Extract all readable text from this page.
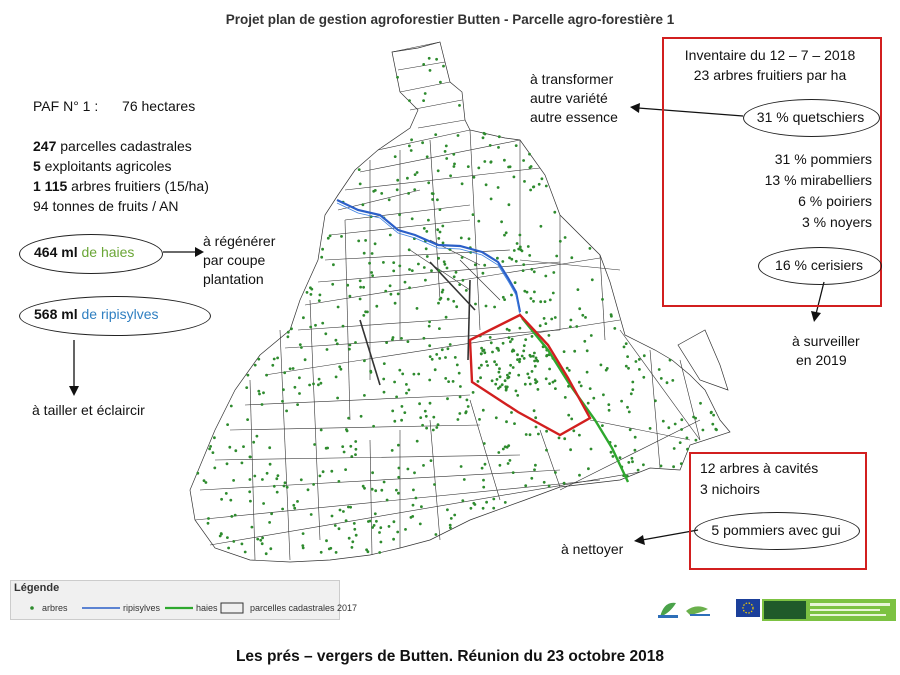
Projet plan de gestion agroforestier Butten - Parcelle agro-forestière 1
PAF N° 1 : 76 hectares
247 parcelles cadastrales
5 exploitants agricoles
1 115 arbres fruitiers (15/ha)
94 tonnes de fruits / AN
464 ml de haies
à régénérer
par coupe
plantation
568 ml de ripisylves
à tailler et éclaircir
à transformer
autre variété
autre essence
Inventaire du 12 – 7 – 2018
23 arbres fruitiers par ha
31 % quetschiers
31 % pommiers
13 % mirabelliers
6 % poiriers
3 % noyers
16 % cerisiers
à surveiller
en 2019
12 arbres à cavités
3 nichoirs
5 pommiers avec gui
à nettoyer
Légende
arbres	ripisylves	haies	parcelles cadastrales 2017
Les prés – vergers de Butten. Réunion du 23 octobre 2018
